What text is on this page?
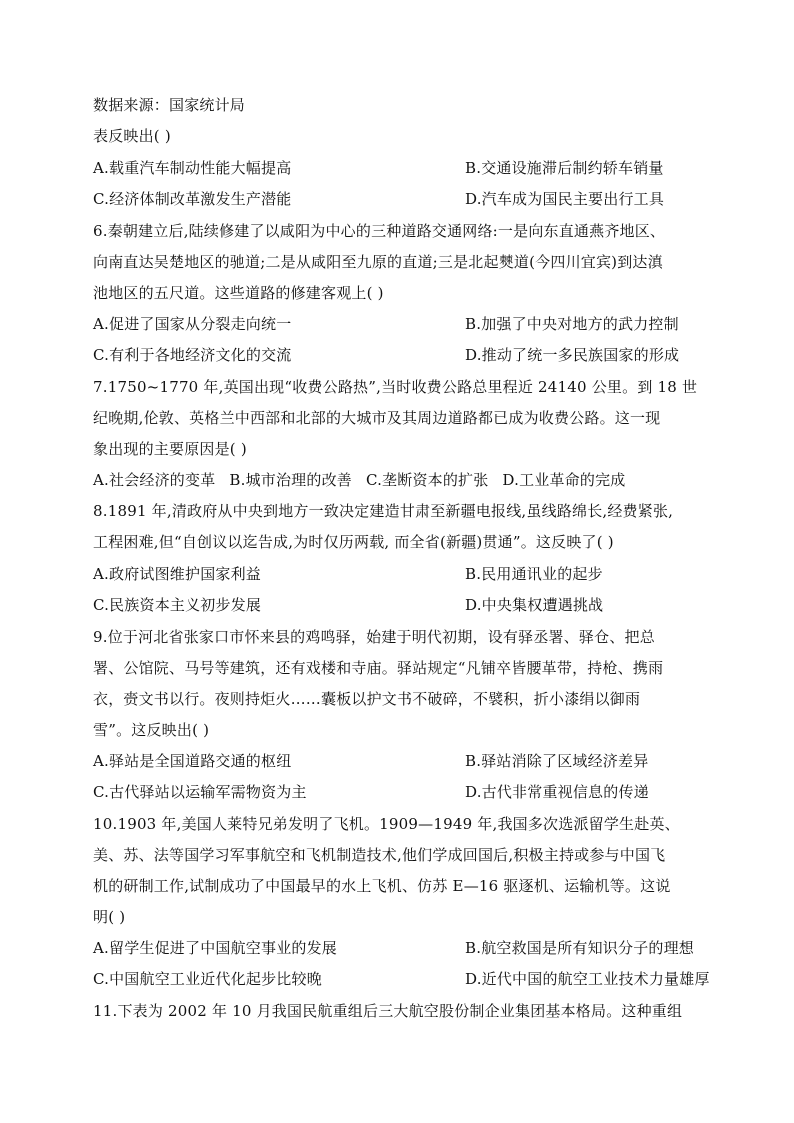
数据来源：国家统计局
表反映出( )
A.载重汽车制动性能大幅提高	B.交通设施滞后制约轿车销量
C.经济体制改革激发生产潜能	D.汽车成为国民主要出行工具
6.秦朝建立后,陆续修建了以咸阳为中心的三种道路交通网络:一是向东直通燕齐地区、
向南直达吴楚地区的驰道;二是从咸阳至九原的直道;三是北起僰道(今四川宜宾)到达滇
池地区的五尺道。这些道路的修建客观上( )
A.促进了国家从分裂走向统一	B.加强了中央对地方的武力控制
C.有利于各地经济文化的交流	D.推动了统一多民族国家的形成
7.1750~1770 年,英国出现“收费公路热”,当时收费公路总里程近 24140 公里。到 18 世
纪晚期,伦敦、英格兰中西部和北部的大城市及其周边道路都已成为收费公路。这一现
象出现的主要原因是( )
A.社会经济的变革 B.城市治理的改善 C.垄断资本的扩张 D.工业革命的完成
8.1891 年,清政府从中央到地方一致决定建造甘肃至新疆电报线,虽线路绵长,经费紧张,
工程困难,但“自创议以迄告成,为时仅历两载, 而全省(新疆)贯通”。这反映了( )
A.政府试图维护国家利益	B.民用通讯业的起步
C.民族资本主义初步发展	D.中央集权遭遇挑战
9.位于河北省张家口市怀来县的鸡鸣驿，始建于明代初期，设有驿丞署、驿仓、把总
署、公馆院、马号等建筑，还有戏楼和寺庙。驿站规定“凡铺卒皆腰革带，持枪、携雨
衣，赍文书以行。夜则持炬火……囊板以护文书不破碎，不襞积，折小漆绢以御雨
雪”。这反映出( )
A.驿站是全国道路交通的枢纽	B.驿站消除了区域经济差异
C.古代驿站以运输军需物资为主	D.古代非常重视信息的传递
10.1903 年,美国人莱特兄弟发明了飞机。1909—1949 年,我国多次选派留学生赴英、
美、苏、法等国学习军事航空和飞机制造技术,他们学成回国后,积极主持或参与中国飞
机的研制工作,试制成功了中国最早的水上飞机、仿苏 E—16 驱逐机、运输机等。这说
明( )
A.留学生促进了中国航空事业的发展	B.航空救国是所有知识分子的理想
C.中国航空工业近代化起步比较晚	D.近代中国的航空工业技术力量雄厚
11.下表为 2002 年 10 月我国民航重组后三大航空股份制企业集团基本格局。这种重组
